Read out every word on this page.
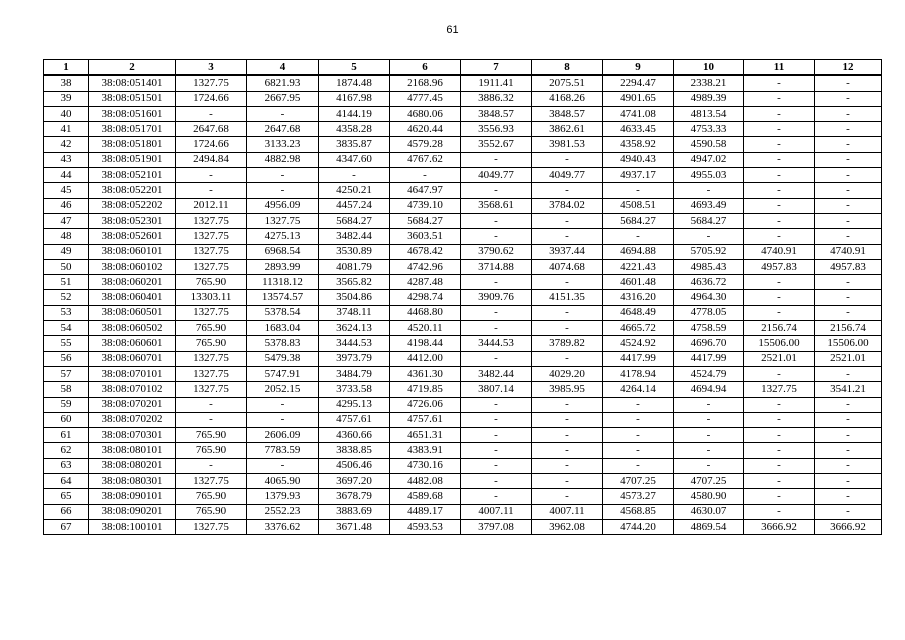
61
1	2	3	4	5	6	7	8	9	10	11	12
38	38:08:051401	1327.75	6821.93	1874.48	2168.96	1911.41	2075.51	2294.47	2338.21	-	-
39	38:08:051501	1724.66	2667.95	4167.98	4777.45	3886.32	4168.26	4901.65	4989.39	-	-
40	38:08:051601	-	-	4144.19	4680.06	3848.57	3848.57	4741.08	4813.54	-	-
41	38:08:051701	2647.68	2647.68	4358.28	4620.44	3556.93	3862.61	4633.45	4753.33	-	-
42	38:08:051801	1724.66	3133.23	3835.87	4579.28	3552.67	3981.53	4358.92	4590.58	-	-
43	38:08:051901	2494.84	4882.98	4347.60	4767.62	-	-	4940.43	4947.02	-	-
44	38:08:052101	-	-	-	-	4049.77	4049.77	4937.17	4955.03	-	-
45	38:08:052201	-	-	4250.21	4647.97	-	-	-	-	-	-
46	38:08:052202	2012.11	4956.09	4457.24	4739.10	3568.61	3784.02	4508.51	4693.49	-	-
47	38:08:052301	1327.75	1327.75	5684.27	5684.27	-	-	5684.27	5684.27	-	-
48	38:08:052601	1327.75	4275.13	3482.44	3603.51	-	-	-	-	-	-
49	38:08:060101	1327.75	6968.54	3530.89	4678.42	3790.62	3937.44	4694.88	5705.92	4740.91	4740.91
50	38:08:060102	1327.75	2893.99	4081.79	4742.96	3714.88	4074.68	4221.43	4985.43	4957.83	4957.83
51	38:08:060201	765.90	11318.12	3565.82	4287.48	-	-	4601.48	4636.72	-	-
52	38:08:060401	13303.11	13574.57	3504.86	4298.74	3909.76	4151.35	4316.20	4964.30	-	-
53	38:08:060501	1327.75	5378.54	3748.11	4468.80	-	-	4648.49	4778.05	-	-
54	38:08:060502	765.90	1683.04	3624.13	4520.11	-	-	4665.72	4758.59	2156.74	2156.74
55	38:08:060601	765.90	5378.83	3444.53	4198.44	3444.53	3789.82	4524.92	4696.70	15506.00	15506.00
56	38:08:060701	1327.75	5479.38	3973.79	4412.00	-	-	4417.99	4417.99	2521.01	2521.01
57	38:08:070101	1327.75	5747.91	3484.79	4361.30	3482.44	4029.20	4178.94	4524.79	-	-
58	38:08:070102	1327.75	2052.15	3733.58	4719.85	3807.14	3985.95	4264.14	4694.94	1327.75	3541.21
59	38:08:070201	-	-	4295.13	4726.06	-	-	-	-	-	-
60	38:08:070202	-	-	4757.61	4757.61	-	-	-	-	-	-
61	38:08:070301	765.90	2606.09	4360.66	4651.31	-	-	-	-	-	-
62	38:08:080101	765.90	7783.59	3838.85	4383.91	-	-	-	-	-	-
63	38:08:080201	-	-	4506.46	4730.16	-	-	-	-	-	-
64	38:08:080301	1327.75	4065.90	3697.20	4482.08	-	-	4707.25	4707.25	-	-
65	38:08:090101	765.90	1379.93	3678.79	4589.68	-	-	4573.27	4580.90	-	-
66	38:08:090201	765.90	2552.23	3883.69	4489.17	4007.11	4007.11	4568.85	4630.07	-	-
67	38:08:100101	1327.75	3376.62	3671.48	4593.53	3797.08	3962.08	4744.20	4869.54	3666.92	3666.92
